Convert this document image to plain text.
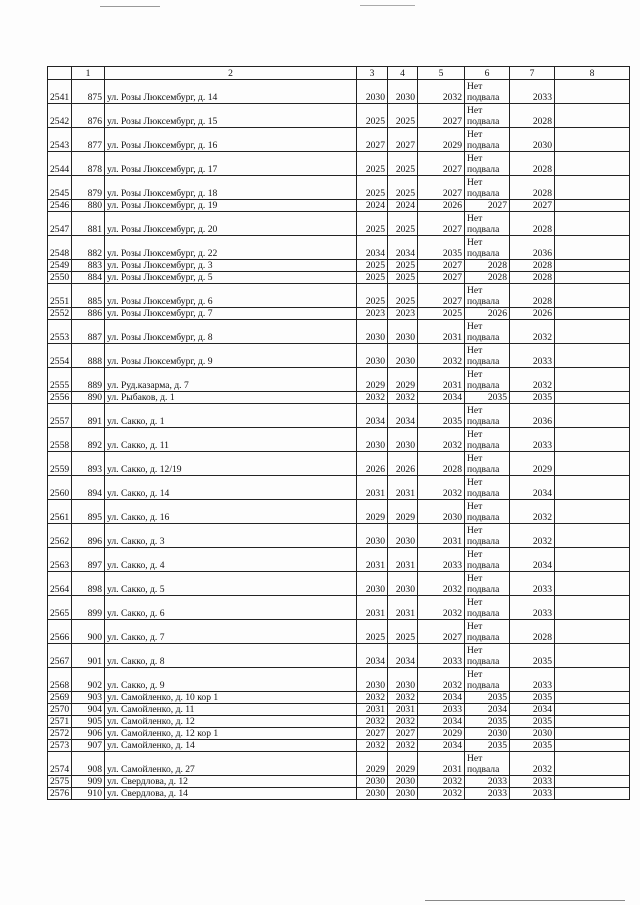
	1	2	3	4	5	6	7	8
2541	875	ул. Розы Люксембург, д. 14	2030	2030	2032	Нет подвала	2033	
2542	876	ул. Розы Люксембург, д. 15	2025	2025	2027	Нет подвала	2028	
2543	877	ул. Розы Люксембург, д. 16	2027	2027	2029	Нет подвала	2030	
2544	878	ул. Розы Люксембург, д. 17	2025	2025	2027	Нет подвала	2028	
2545	879	ул. Розы Люксембург, д. 18	2025	2025	2027	Нет подвала	2028	
2546	880	ул. Розы Люксембург, д. 19	2024	2024	2026	2027	2027	
2547	881	ул. Розы Люксембург, д. 20	2025	2025	2027	Нет подвала	2028	
2548	882	ул. Розы Люксембург, д. 22	2034	2034	2035	Нет подвала	2036	
2549	883	ул. Розы Люксембург, д. 3	2025	2025	2027	2028	2028	
2550	884	ул. Розы Люксембург, д. 5	2025	2025	2027	2028	2028	
2551	885	ул. Розы Люксембург, д. 6	2025	2025	2027	Нет подвала	2028	
2552	886	ул. Розы Люксембург, д. 7	2023	2023	2025	2026	2026	
2553	887	ул. Розы Люксембург, д. 8	2030	2030	2031	Нет подвала	2032	
2554	888	ул. Розы Люксембург, д. 9	2030	2030	2032	Нет подвала	2033	
2555	889	ул. Руд.казарма, д. 7	2029	2029	2031	Нет подвала	2032	
2556	890	ул. Рыбаков, д. 1	2032	2032	2034	2035	2035	
2557	891	ул. Сакко, д. 1	2034	2034	2035	Нет подвала	2036	
2558	892	ул. Сакко, д. 11	2030	2030	2032	Нет подвала	2033	
2559	893	ул. Сакко, д. 12/19	2026	2026	2028	Нет подвала	2029	
2560	894	ул. Сакко, д. 14	2031	2031	2032	Нет подвала	2034	
2561	895	ул. Сакко, д. 16	2029	2029	2030	Нет подвала	2032	
2562	896	ул. Сакко, д. 3	2030	2030	2031	Нет подвала	2032	
2563	897	ул. Сакко, д. 4	2031	2031	2033	Нет подвала	2034	
2564	898	ул. Сакко, д. 5	2030	2030	2032	Нет подвала	2033	
2565	899	ул. Сакко, д. 6	2031	2031	2032	Нет подвала	2033	
2566	900	ул. Сакко, д. 7	2025	2025	2027	Нет подвала	2028	
2567	901	ул. Сакко, д. 8	2034	2034	2033	Нет подвала	2035	
2568	902	ул. Сакко, д. 9	2030	2030	2032	Нет подвала	2033	
2569	903	ул. Самойленко, д. 10 кор 1	2032	2032	2034	2035	2035	
2570	904	ул. Самойленко, д. 11	2031	2031	2033	2034	2034	
2571	905	ул. Самойленко, д. 12	2032	2032	2034	2035	2035	
2572	906	ул. Самойленко, д. 12 кор 1	2027	2027	2029	2030	2030	
2573	907	ул. Самойленко, д. 14	2032	2032	2034	2035	2035	
2574	908	ул. Самойленко, д. 27	2029	2029	2031	Нет подвала	2032	
2575	909	ул. Свердлова, д. 12	2030	2030	2032	2033	2033	
2576	910	ул. Свердлова, д. 14	2030	2030	2032	2033	2033	
